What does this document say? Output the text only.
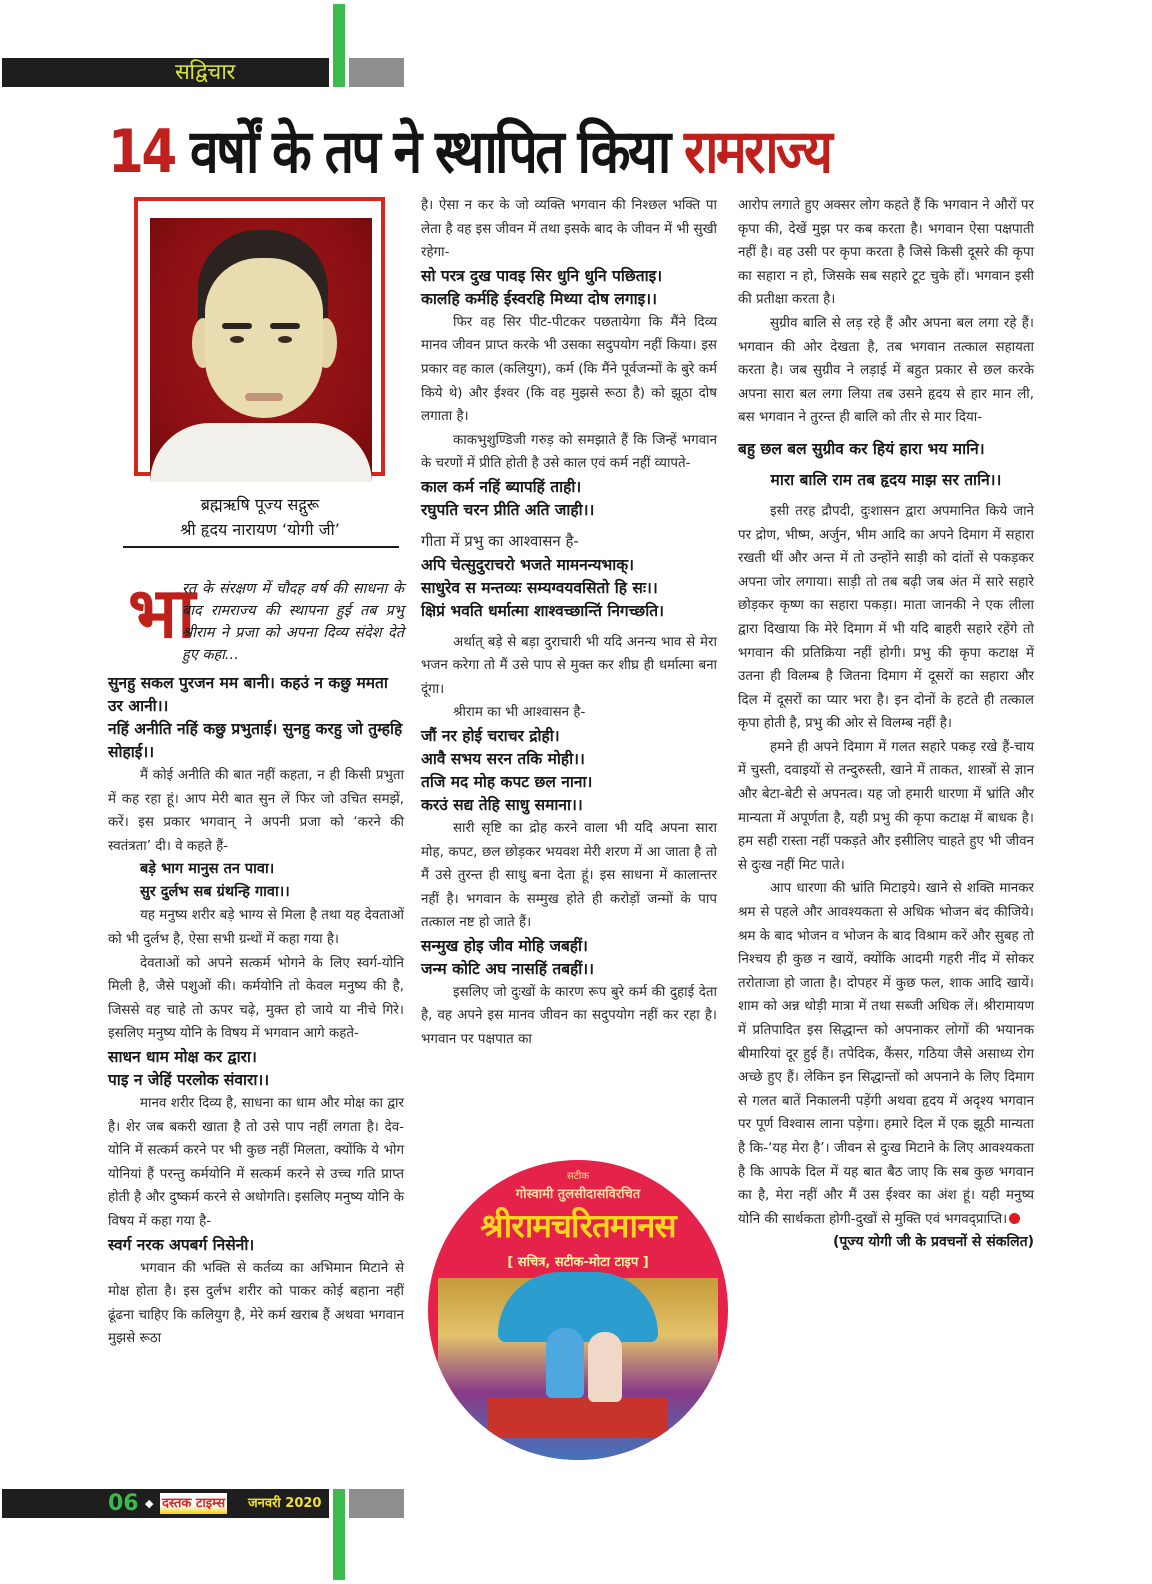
सद्विचार
14 वर्षों के तप ने स्थापित किया रामराज्य
ब्रह्मऋषि पूज्य सद्गुरू
श्री हृदय नारायण ‘योगी जी’
भा
रत के संरक्षण में चौदह वर्ष की साधना के बाद रामराज्य की स्थापना हुई तब प्रभु श्रीराम ने प्रजा को अपना दिव्य संदेश देते हुए कहा...
सुनहु सकल पुरजन मम बानी। कहउं न कछु ममता उर आनी।।
नहिं अनीति नहिं कछु प्रभुताई। सुनहु करहु जो तुम्हहि सोहाई।।

मैं कोई अनीति की बात नहीं कहता, न ही किसी प्रभुता में कह रहा हूं। आप मेरी बात सुन लें फिर जो उचित समझें, करें। इस प्रकार भगवान् ने अपनी प्रजा को ‘करने की स्वतंत्रता’ दी। वे कहते हैं-

बड़े भाग मानुस तन पावा।
सुर दुर्लभ सब ग्रंथन्हि गावा।।

यह मनुष्य शरीर बड़े भाग्य से मिला है तथा यह देवताओं को भी दुर्लभ है, ऐसा सभी ग्रन्थों में कहा गया है।

देवताओं को अपने सत्कर्म भोगने के लिए स्वर्ग-योनि मिली है, जैसे पशुओं की। कर्मयोनि तो केवल मनुष्य की है, जिससे वह चाहे तो ऊपर चढ़े, मुक्त हो जाये या नीचे गिरे। इसलिए मनुष्य योनि के विषय में भगवान आगे कहते-

साधन धाम मोक्ष कर द्वारा।
पाइ न जेहिं परलोक संवारा।।

मानव शरीर दिव्य है, साधना का धाम और मोक्ष का द्वार है। शेर जब बकरी खाता है तो उसे पाप नहीं लगता है। देव-योनि में सत्कर्म करने पर भी कुछ नहीं मिलता, क्योंकि ये भोग योनियां हैं परन्तु कर्मयोनि में सत्कर्म करने से उच्च गति प्राप्त होती है और दुष्कर्म करने से अधोगति। इसलिए मनुष्य योनि के विषय में कहा गया है-

स्वर्ग नरक अपबर्ग निसेनी।

भगवान की भक्ति से कर्तव्य का अभिमान मिटाने से मोक्ष होता है। इस दुर्लभ शरीर को पाकर कोई बहाना नहीं ढूंढना चाहिए कि कलियुग है, मेरे कर्म खराब हैं अथवा भगवान मुझसे रूठा

है। ऐसा न कर के जो व्यक्ति भगवान की निश्छल भक्ति पा लेता है वह इस जीवन में तथा इसके बाद के जीवन में भी सुखी रहेगा-

सो परत्र दुख पावइ सिर धुनि धुनि पछिताइ।
कालहि कर्महि ईस्वरहि मिथ्या दोष लगाइ।।

फिर वह सिर पीट-पीटकर पछतायेगा कि मैंने दिव्य मानव जीवन प्राप्त करके भी उसका सदुपयोग नहीं किया। इस प्रकार वह काल (कलियुग), कर्म (कि मैंने पूर्वजन्मों के बुरे कर्म किये थे) और ईश्वर (कि वह मुझसे रूठा है) को झूठा दोष लगाता है।

काकभुशुण्डिजी गरुड़ को समझाते हैं कि जिन्हें भगवान के चरणों में प्रीति होती है उसे काल एवं कर्म नहीं व्यापते-

काल कर्म नहिं ब्यापहिं ताही।
रघुपति चरन प्रीति अति जाही।।

गीता में प्रभु का आश्वासन है-

अपि चेत्सुदुराचरो भजते मामनन्यभाक्।
साधुरेव स मन्तव्यः सम्यग्वयवसितो हि सः।।
क्षिप्रं भवति धर्मात्मा शाश्वच्छान्तिं निगच्छति।

अर्थात् बड़े से बड़ा दुराचारी भी यदि अनन्य भाव से मेरा भजन करेगा तो मैं उसे पाप से मुक्त कर शीघ्र ही धर्मात्मा बना दूंगा।

श्रीराम का भी आश्वासन है-

जौं नर होई चराचर द्रोही।
आवै सभय सरन तकि मोही।।
तजि मद मोह कपट छल नाना।
करउं सद्य तेहि साधु समाना।।

सारी सृष्टि का द्रोह करने वाला भी यदि अपना सारा मोह, कपट, छल छोड़कर भयवश मेरी शरण में आ जाता है तो मैं उसे तुरन्त ही साधु बना देता हूं। इस साधना में कालान्तर नहीं है। भगवान के सम्मुख होते ही करोड़ों जन्मों के पाप तत्काल नष्ट हो जाते हैं।

सन्मुख होइ जीव मोहि जबहीं।
जन्म कोटि अघ नासहिं तबहीं।।

इसलिए जो दुःखों के कारण रूप बुरे कर्म की दुहाई देता है, वह अपने इस मानव जीवन का सदुपयोग नहीं कर रहा है। भगवान पर पक्षपात का

आरोप लगाते हुए अक्सर लोग कहते हैं कि भगवान ने औरों पर कृपा की, देखें मुझ पर कब करता है। भगवान ऐसा पक्षपाती नहीं है। वह उसी पर कृपा करता है जिसे किसी दूसरे की कृपा का सहारा न हो, जिसके सब सहारे टूट चुके हों। भगवान इसी की प्रतीक्षा करता है।

सुग्रीव बालि से लड़ रहे हैं और अपना बल लगा रहे हैं। भगवान की ओर देखता है, तब भगवान तत्काल सहायता करता है। जब सुग्रीव ने लड़ाई में बहुत प्रकार से छल करके अपना सारा बल लगा लिया तब उसने हृदय से हार मान ली, बस भगवान ने तुरन्त ही बालि को तीर से मार दिया-

बहु छल बल सुग्रीव कर हियं हारा भय मानि।
मारा बालि राम तब हृदय माझ सर तानि।।

इसी तरह द्रौपदी, दुःशासन द्वारा अपमानित किये जाने पर द्रोण, भीष्म, अर्जुन, भीम आदि का अपने दिमाग में सहारा रखती थीं और अन्त में तो उन्होंने साड़ी को दांतों से पकड़कर अपना जोर लगाया। साड़ी तो तब बढ़ी जब अंत में सारे सहारे छोड़कर कृष्ण का सहारा पकड़ा। माता जानकी ने एक लीला द्वारा दिखाया कि मेरे दिमाग में भी यदि बाहरी सहारे रहेंगे तो भगवान की प्रतिक्रिया नहीं होगी। प्रभु की कृपा कटाक्ष में उतना ही विलम्ब है जितना दिमाग में दूसरों का सहारा और दिल में दूसरों का प्यार भरा है। इन दोनों के हटते ही तत्काल कृपा होती है, प्रभु की ओर से विलम्ब नहीं है।

हमने ही अपने दिमाग में गलत सहारे पकड़ रखे हैं-चाय में चुस्ती, दवाइयों से तन्दुरुस्ती, खाने में ताकत, शास्त्रों से ज्ञान और बेटा-बेटी से अपनत्व। यह जो हमारी धारणा में भ्रांति और मान्यता में अपूर्णता है, यही प्रभु की कृपा कटाक्ष में बाधक है। हम सही रास्ता नहीं पकड़ते और इसीलिए चाहते हुए भी जीवन से दुःख नहीं मिट पाते।

आप धारणा की भ्रांति मिटाइये। खाने से शक्ति मानकर श्रम से पहले और आवश्यकता से अधिक भोजन बंद कीजिये। श्रम के बाद भोजन व भोजन के बाद विश्राम करें और सुबह तो निश्चय ही कुछ न खायें, क्योंकि आदमी गहरी नींद में सोकर तरोताजा हो जाता है। दोपहर में कुछ फल, शाक आदि खायें। शाम को अन्न थोड़ी मात्रा में तथा सब्जी अधिक लें। श्रीरामायण में प्रतिपादित इस सिद्धान्त को अपनाकर लोगों की भयानक बीमारियां दूर हुई हैं। तपेदिक, कैंसर, गठिया जैसे असाध्य रोग अच्छे हुए हैं। लेकिन इन सिद्धान्तों को अपनाने के लिए दिमाग से गलत बातें निकालनी पड़ेंगी अथवा हृदय में अदृश्य भगवान पर पूर्ण विश्वास लाना पड़ेगा। हमारे दिल में एक झूठी मान्यता है कि-‘यह मेरा है’। जीवन से दुःख मिटाने के लिए आवश्यकता है कि आपके दिल में यह बात बैठ जाए कि सब कुछ भगवान का है, मेरा नहीं और मैं उस ईश्वर का अंश हूं। यही मनुष्य योनि की सार्थकता होगी-दुखों से मुक्ति एवं भगवद्प्राप्ति।

(पूज्य योगी जी के प्रवचनों से संकलित)
सटीक
गोस्वामी तुलसीदासविरचित
श्रीरामचरितमानस
[ सचित्र, सटीक-मोटा टाइप ]
06 ◆ दस्तक टाइम्स जनवरी 2020
